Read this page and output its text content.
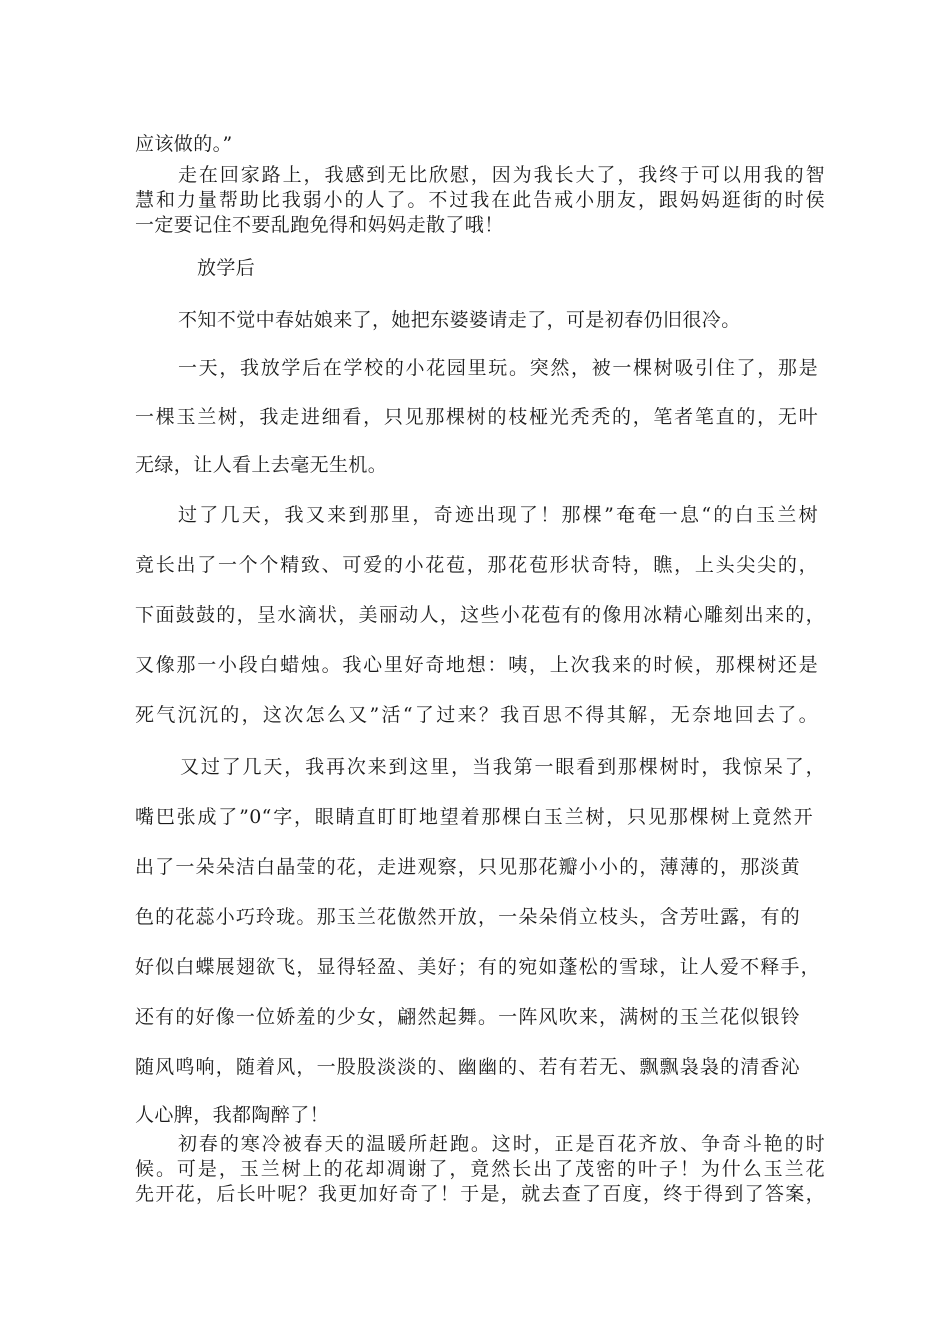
应该做的。”
走在回家路上，我感到无比欣慰，因为我长大了，我终于可以用我的智
慧和力量帮助比我弱小的人了。不过我在此告戒小朋友，跟妈妈逛街的时侯
一定要记住不要乱跑免得和妈妈走散了哦！
放学后
不知不觉中春姑娘来了，她把东婆婆请走了，可是初春仍旧很冷。
一天，我放学后在学校的小花园里玩。突然，被一棵树吸引住了，那是
一棵玉兰树，我走进细看，只见那棵树的枝桠光秃秃的，笔者笔直的，无叶
无绿，让人看上去毫无生机。
过了几天，我又来到那里，奇迹出现了！那棵”奄奄一息“的白玉兰树
竟长出了一个个精致、可爱的小花苞，那花苞形状奇特，瞧，上头尖尖的，
下面鼓鼓的，呈水滴状，美丽动人，这些小花苞有的像用冰精心雕刻出来的，
又像那一小段白蜡烛。我心里好奇地想：咦，上次我来的时候，那棵树还是
死气沉沉的，这次怎么又”活“了过来？我百思不得其解，无奈地回去了。
又过了几天，我再次来到这里，当我第一眼看到那棵树时，我惊呆了，
嘴巴张成了”0“字，眼睛直盯盯地望着那棵白玉兰树，只见那棵树上竟然开
出了一朵朵洁白晶莹的花，走进观察，只见那花瓣小小的，薄薄的，那淡黄
色的花蕊小巧玲珑。那玉兰花傲然开放，一朵朵俏立枝头，含芳吐露，有的
好似白蝶展翅欲飞，显得轻盈、美好；有的宛如蓬松的雪球，让人爱不释手，
还有的好像一位娇羞的少女，翩然起舞。一阵风吹来，满树的玉兰花似银铃
随风鸣响，随着风，一股股淡淡的、幽幽的、若有若无、飘飘袅袅的清香沁
人心脾，我都陶醉了！
初春的寒冷被春天的温暖所赶跑。这时，正是百花齐放、争奇斗艳的时
候。可是，玉兰树上的花却凋谢了，竟然长出了茂密的叶子！为什么玉兰花
先开花，后长叶呢？我更加好奇了！于是，就去查了百度，终于得到了答案，
